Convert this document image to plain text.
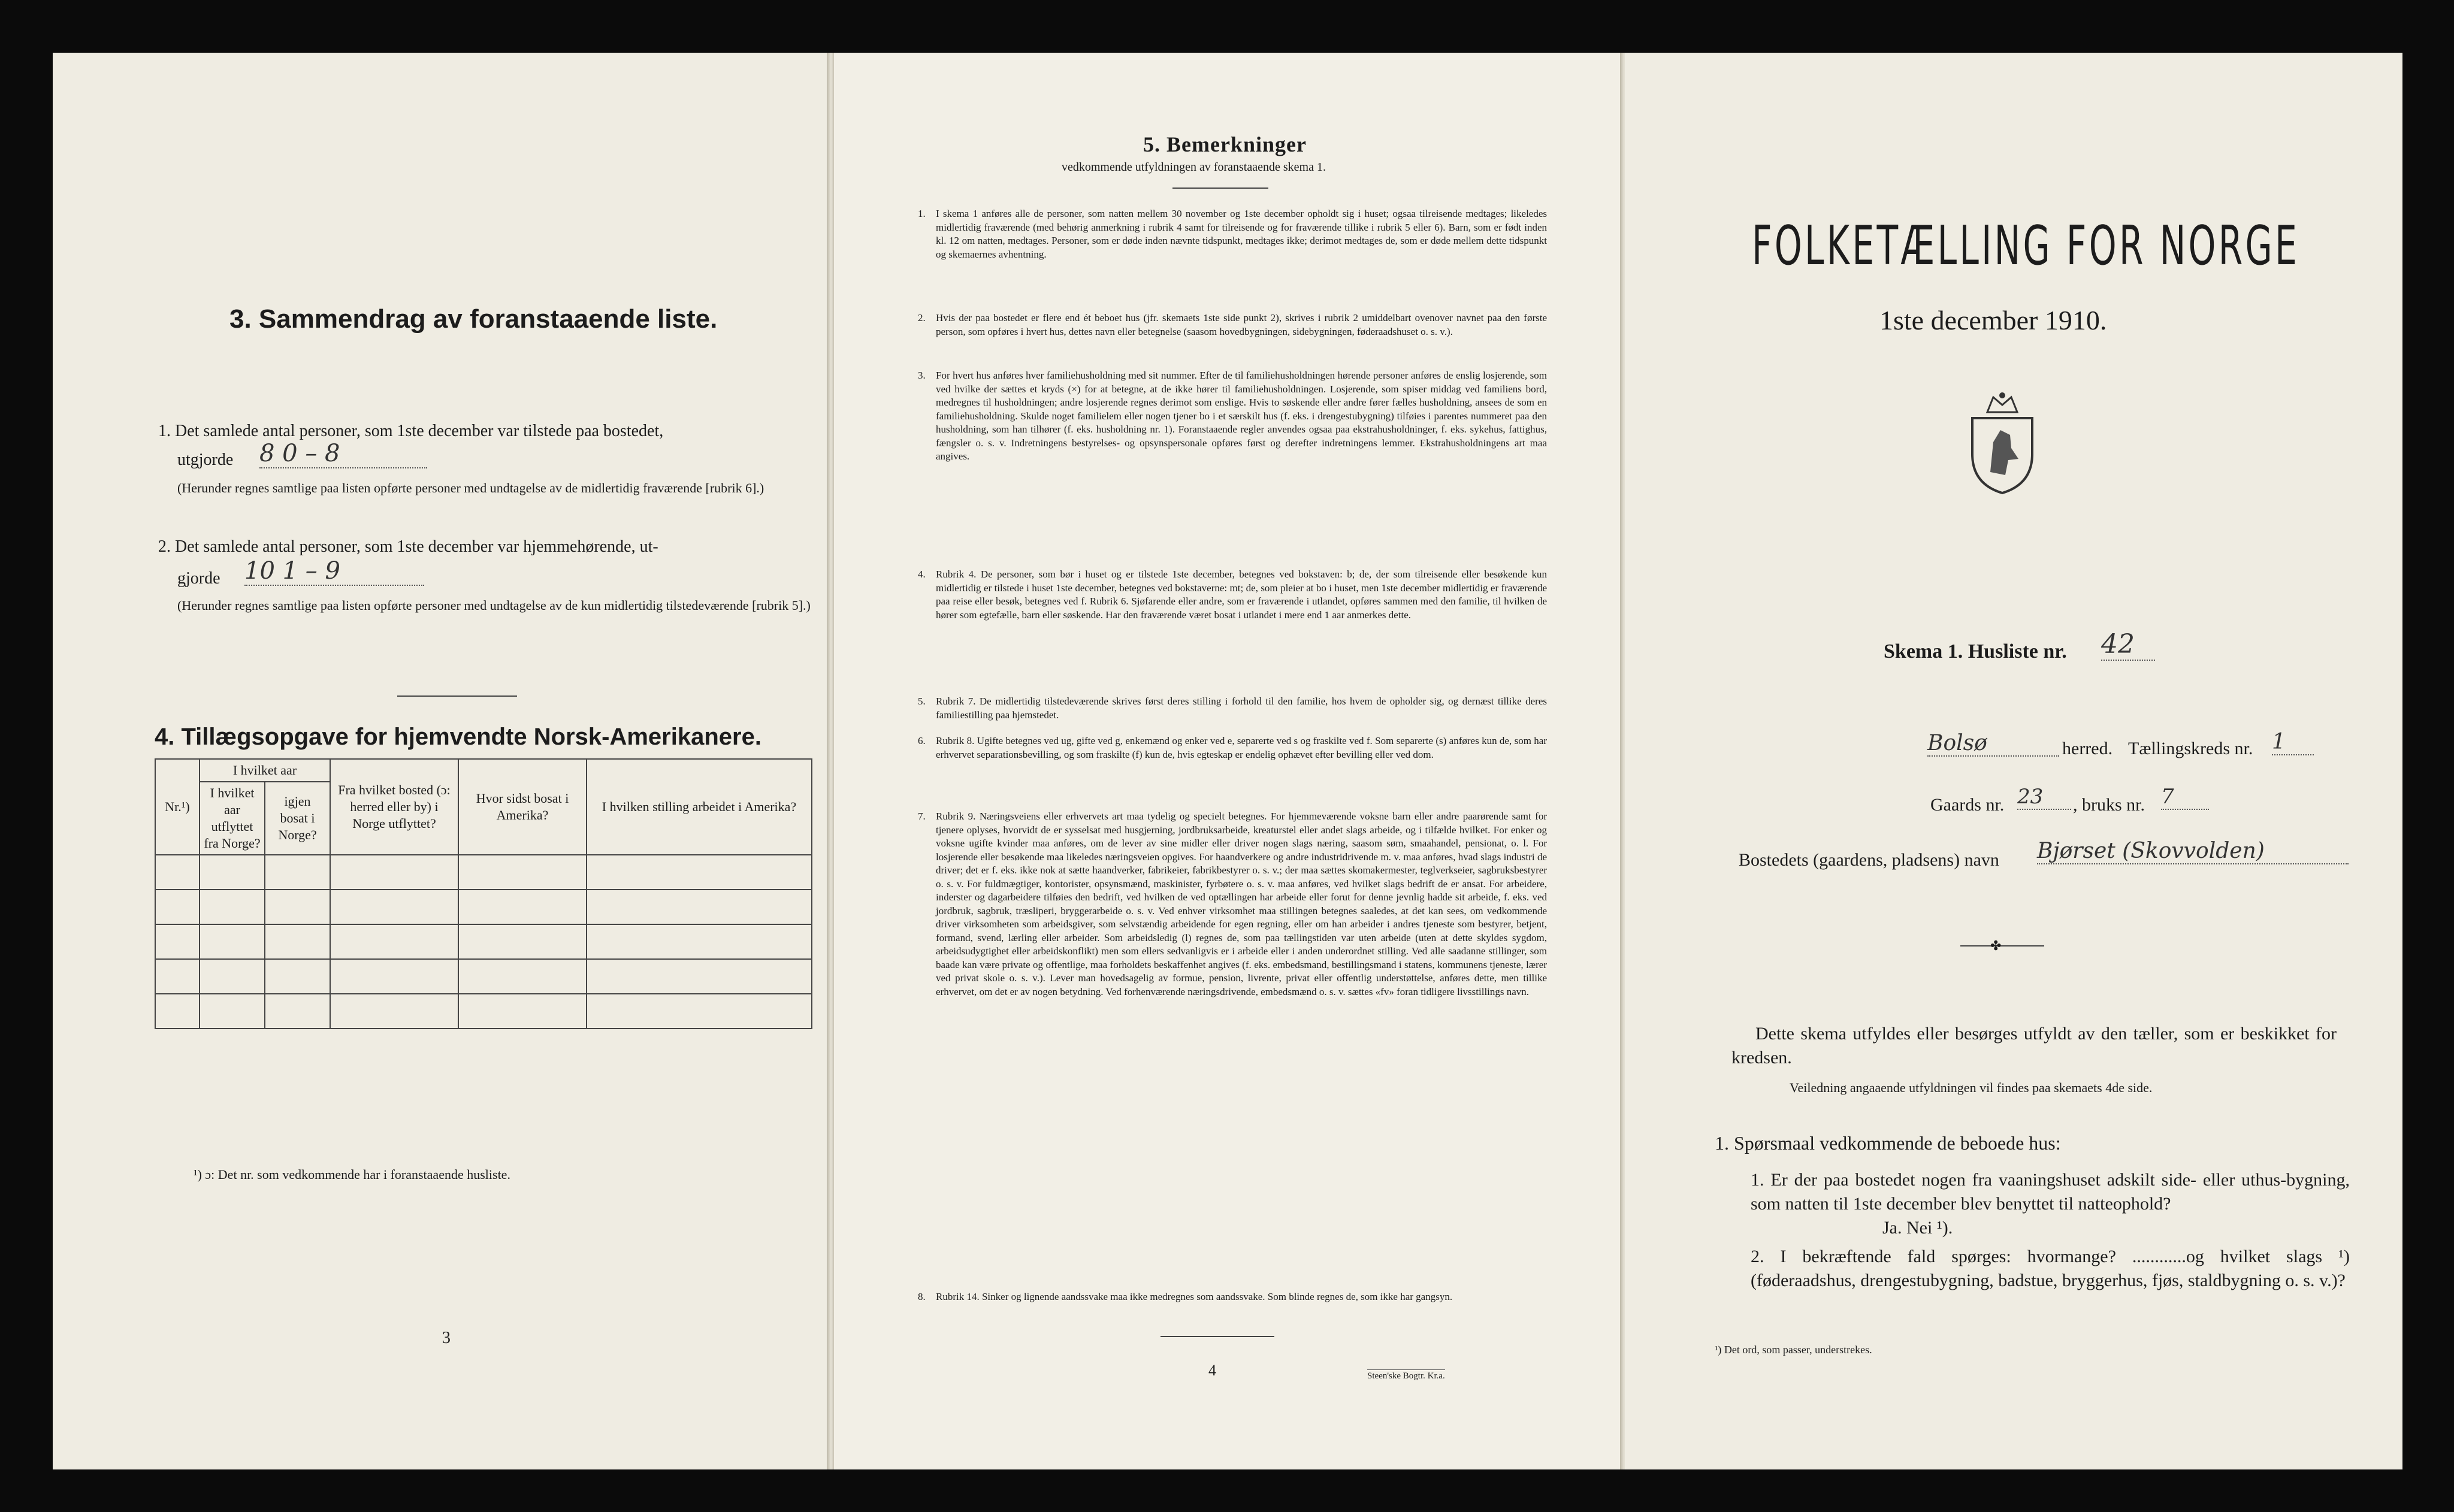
3. Sammendrag av foranstaaende liste.
1. Det samlede antal personer, som 1ste december var tilstede paa bostedet,
utgjorde 8 0 – 8
(Herunder regnes samtlige paa listen opførte personer med undtagelse av de midlertidig fraværende [rubrik 6].)
2. Det samlede antal personer, som 1ste december var hjemmehørende, ut-
gjorde 10 1 – 9
(Herunder regnes samtlige paa listen opførte personer med undtagelse av de kun midlertidig tilstedeværende [rubrik 5].)
4. Tillægsopgave for hjemvendte Norsk-Amerikanere.
Nr.¹)	I hvilket aar		Fra hvilket bosted (ɔ: herred eller by) i Norge utflyttet?	Hvor sidst bosat i Amerika?	I hvilken stilling arbeidet i Amerika?
	I hvilket aar utflyttet fra Norge?	igjen bosat i Norge?			

¹) ɔ: Det nr. som vedkommende har i foranstaaende husliste.
3
5. Bemerkninger
vedkommende utfyldningen av foranstaaende skema 1.
1. I skema 1 anføres alle de personer, som natten mellem 30 november og 1ste december opholdt sig i huset; ogsaa tilreisende medtages; likeledes midlertidig fraværende (med behørig anmerkning i rubrik 4 samt for tilreisende og for fraværende tillike i rubrik 5 eller 6). Barn, som er født inden kl. 12 om natten, medtages. Personer, som er døde inden nævnte tidspunkt, medtages ikke; derimot medtages de, som er døde mellem dette tidspunkt og skemaernes avhentning.
2. Hvis der paa bostedet er flere end ét beboet hus (jfr. skemaets 1ste side punkt 2), skrives i rubrik 2 umiddelbart ovenover navnet paa den første person, som opføres i hvert hus, dettes navn eller betegnelse (saasom hovedbygningen, sidebygningen, føderaadshuset o. s. v.).
3. For hvert hus anføres hver familiehusholdning med sit nummer. Efter de til familiehusholdningen hørende personer anføres de enslig losjerende, som ved hvilke der sættes et kryds (×) for at betegne, at de ikke hører til familiehusholdningen. Losjerende, som spiser middag ved familiens bord, medregnes til husholdningen; andre losjerende regnes derimot som enslige. Hvis to søskende eller andre fører fælles husholdning, ansees de som en familiehusholdning. Skulde noget familielem eller nogen tjener bo i et særskilt hus (f. eks. i drengestubygning) tilføies i parentes nummeret paa den husholdning, som han tilhører (f. eks. husholdning nr. 1). Foranstaaende regler anvendes ogsaa paa ekstrahusholdninger, f. eks. sykehus, fattighus, fængsler o. s. v. Indretningens bestyrelses- og opsynspersonale opføres først og derefter indretningens lemmer. Ekstrahusholdningens art maa angives.
4. Rubrik 4. De personer, som bør i huset og er tilstede 1ste december, betegnes ved bokstaven: b; de, der som tilreisende eller besøkende kun midlertidig er tilstede i huset 1ste december, betegnes ved bokstaverne: mt; de, som pleier at bo i huset, men 1ste december midlertidig er fraværende paa reise eller besøk, betegnes ved f. Rubrik 6. Sjøfarende eller andre, som er fraværende i utlandet, opføres sammen med den familie, til hvilken de hører som egtefælle, barn eller søskende. Har den fraværende været bosat i utlandet i mere end 1 aar anmerkes dette.
5. Rubrik 7. De midlertidig tilstedeværende skrives først deres stilling i forhold til den familie, hos hvem de opholder sig, og dernæst tillike deres familiestilling paa hjemstedet.
6. Rubrik 8. Ugifte betegnes ved ug, gifte ved g, enkemænd og enker ved e, separerte ved s og fraskilte ved f. Som separerte (s) anføres kun de, som har erhvervet separationsbevilling, og som fraskilte (f) kun de, hvis egteskap er endelig ophævet efter bevilling eller ved dom.
7. Rubrik 9. Næringsveiens eller erhvervets art maa tydelig og specielt betegnes. For hjemmeværende voksne barn eller andre paarørende samt for tjenere oplyses, hvorvidt de er sysselsat med husgjerning, jordbruksarbeide, kreaturstel eller andet slags arbeide, og i tilfælde hvilket. For enker og voksne ugifte kvinder maa anføres, om de lever av sine midler eller driver nogen slags næring, saasom søm, smaahandel, pensionat, o. l. For losjerende eller besøkende maa likeledes næringsveien opgives. For haandverkere og andre industridrivende m. v. maa anføres, hvad slags industri de driver; det er f. eks. ikke nok at sætte haandverker, fabrikeier, fabrikbestyrer o. s. v.; der maa sættes skomakermester, teglverkseier, sagbruksbestyrer o. s. v. For fuldmægtiger, kontorister, opsynsmænd, maskinister, fyrbøtere o. s. v. maa anføres, ved hvilket slags bedrift de er ansat. For arbeidere, inderster og dagarbeidere tilføies den bedrift, ved hvilken de ved optællingen har arbeide eller forut for denne jevnlig hadde sit arbeide, f. eks. ved jordbruk, sagbruk, træsliperi, bryggerarbeide o. s. v. Ved enhver virksomhet maa stillingen betegnes saaledes, at det kan sees, om vedkommende driver virksomheten som arbeidsgiver, som selvstændig arbeidende for egen regning, eller om han arbeider i andres tjeneste som bestyrer, betjent, formand, svend, lærling eller arbeider. Som arbeidsledig (l) regnes de, som paa tællingstiden var uten arbeide (uten at dette skyldes sygdom, arbeidsudygtighet eller arbeidskonflikt) men som ellers sedvanligvis er i arbeide eller i anden underordnet stilling. Ved alle saadanne stillinger, som baade kan være private og offentlige, maa forholdets beskaffenhet angives (f. eks. embedsmand, bestillingsmand i statens, kommunens tjeneste, lærer ved privat skole o. s. v.). Lever man hovedsagelig av formue, pension, livrente, privat eller offentlig understøttelse, anføres dette, men tillike erhvervet, om det er av nogen betydning. Ved forhenværende næringsdrivende, embedsmænd o. s. v. sættes «fv» foran tidligere livsstillings navn.
8. Rubrik 14. Sinker og lignende aandssvake maa ikke medregnes som aandssvake. Som blinde regnes de, som ikke har gangsyn.
4	Steen'ske Bogtr. Kr.a.
FOLKETÆLLING FOR NORGE
1ste december 1910.
Skema 1. Husliste nr. 42
Bolsø	herred. Tællingskreds nr. 1
Gaards nr. 23	, bruks nr. 7
Bostedets (gaardens, pladsens) navn Bjørset (Skovvolden)
✤
Dette skema utfyldes eller besørges utfyldt av den tæller, som er beskikket for kredsen.
Veiledning angaaende utfyldningen vil findes paa skemaets 4de side.
1. Spørsmaal vedkommende de beboede hus:
1. Er der paa bostedet nogen fra vaaningshuset adskilt side- eller uthus-bygning, som natten til 1ste december blev benyttet til natteophold?
Ja. Nei ¹).
2. I bekræftende fald spørges: hvormange? ............og hvilket slags ¹) (føderaadshus, drengestubygning, badstue, bryggerhus, fjøs, staldbygning o. s. v.)?
¹) Det ord, som passer, understrekes.
